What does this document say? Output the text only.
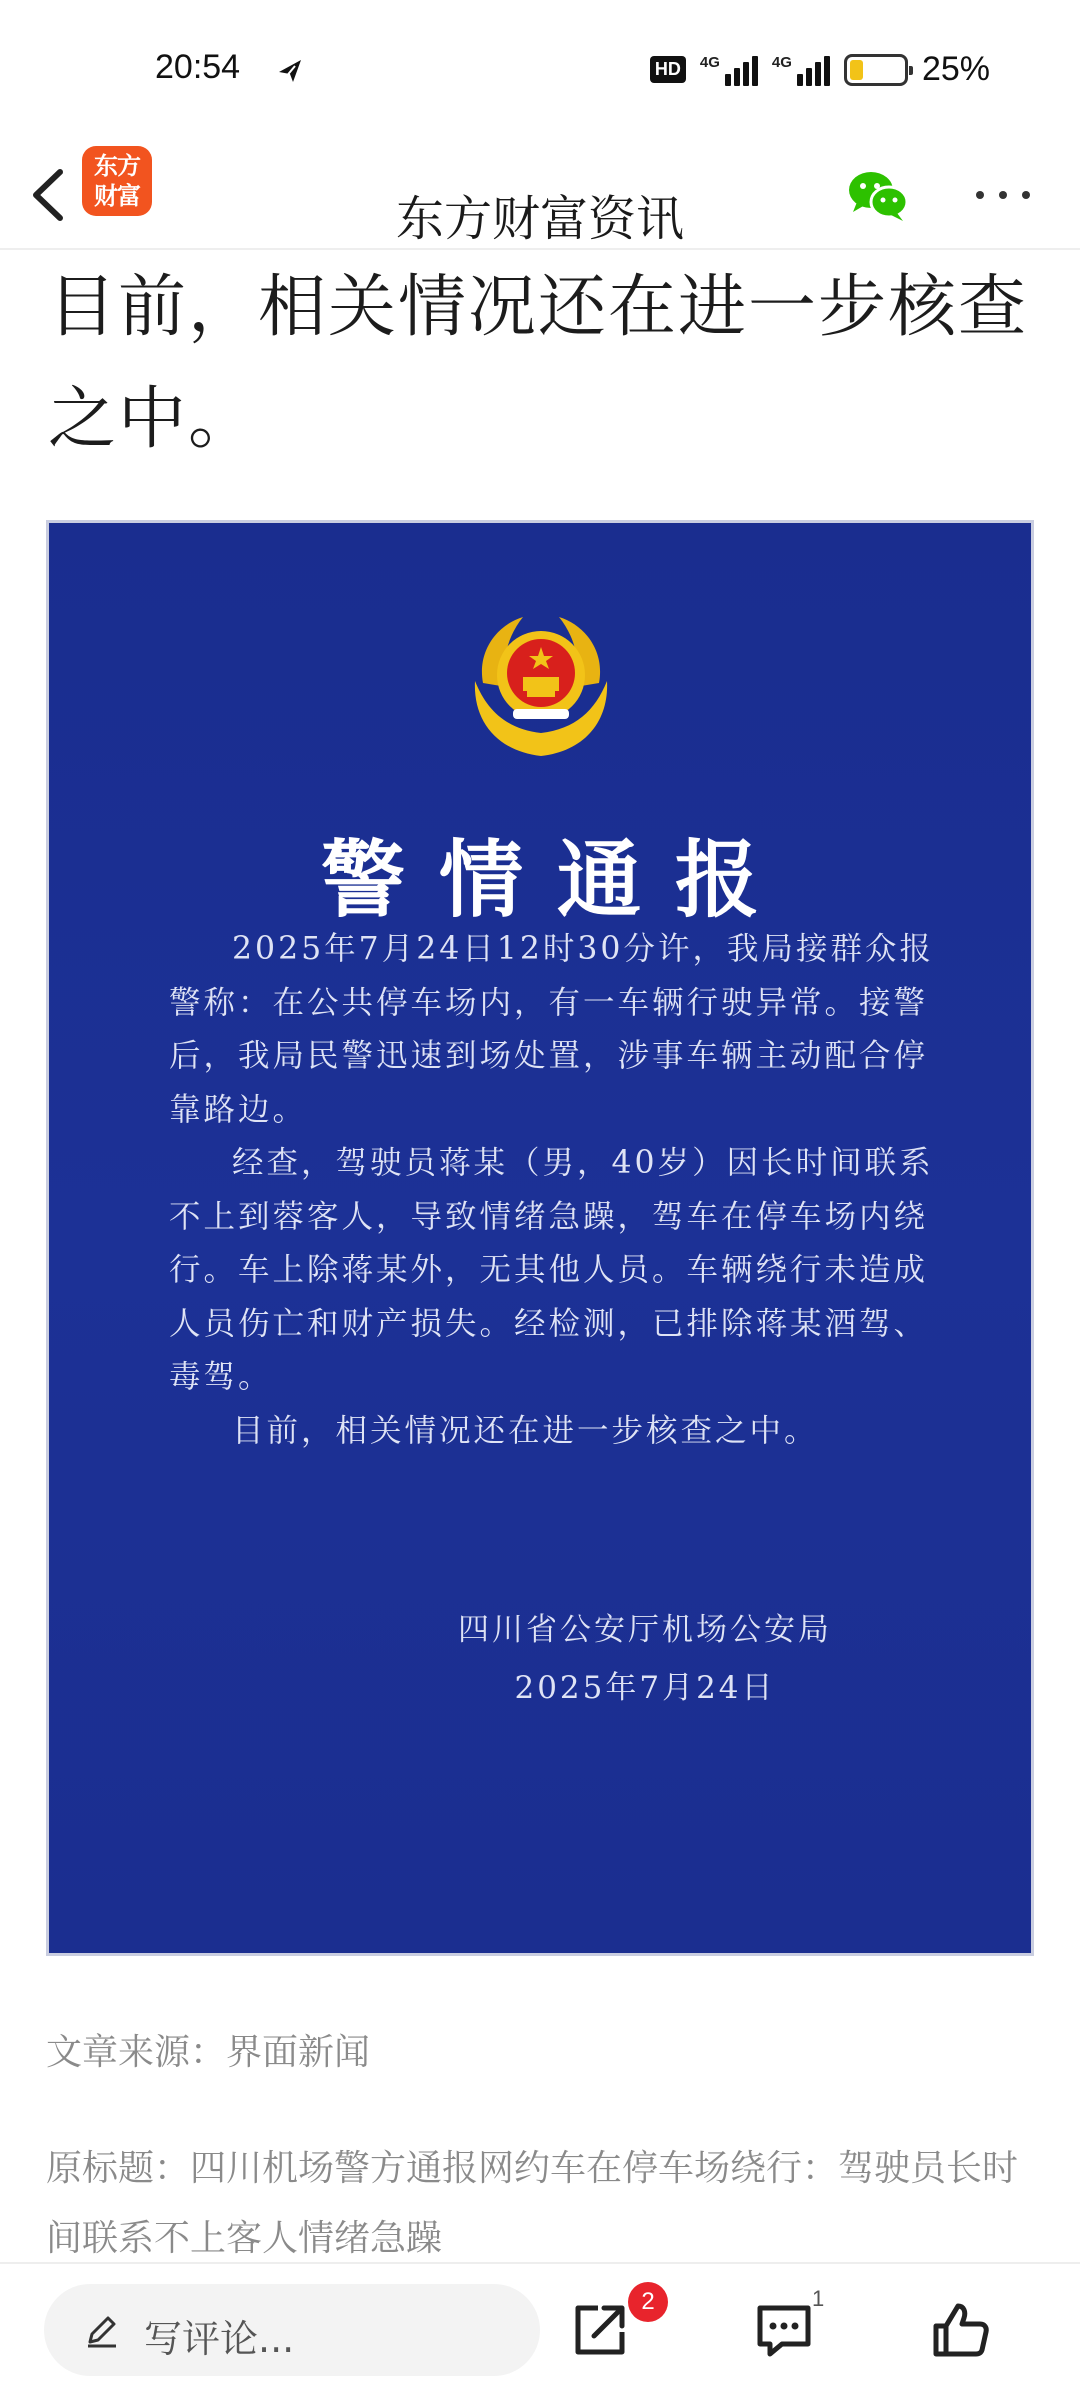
20:54	HD	4G	4G	25%
东方财富资讯
东方
财富
目前，相关情况还在进一步核查之中。
警情通报

2025年7月24日12时30分许，我局接群众报警称：在公共停车场内，有一车辆行驶异常。接警后，我局民警迅速到场处置，涉事车辆主动配合停靠路边。

经查，驾驶员蒋某（男，40岁）因长时间联系不上到蓉客人，导致情绪急躁，驾车在停车场内绕行。车上除蒋某外，无其他人员。车辆绕行未造成人员伤亡和财产损失。经检测，已排除蒋某酒驾、毒驾。

目前，相关情况还在进一步核查之中。

四川省公安厅机场公安局
2025年7月24日
文章来源：界面新闻
原标题：四川机场警方通报网约车在停车场绕行：驾驶员长时间联系不上客人情绪急躁
写评论...
2	1
